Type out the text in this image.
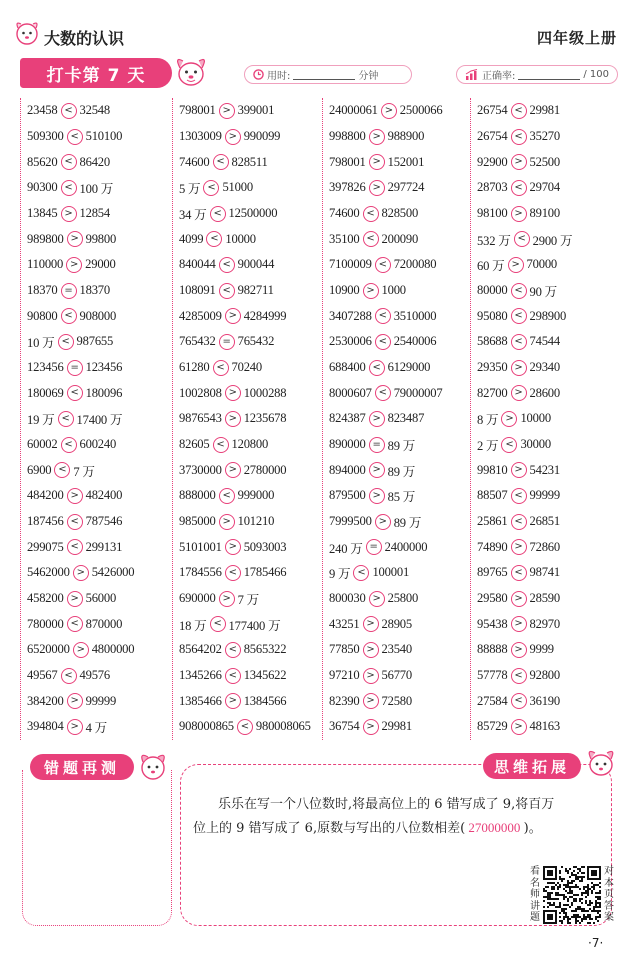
大数的认识	四年级上册
打卡第 7 天	用时:	分钟	正确率:	/ 100
23458 < 32548
509300 < 510100
85620 < 86420
90300 < 100 万
13845 > 12854
989800 > 99800
110000 > 29000
18370 = 18370
90800 < 908000
10 万 < 987655
123456 = 123456
180069 < 180096
19 万 < 17400 万
60002 < 600240
6900 < 7 万
484200 > 482400
187456 < 787546
299075 < 299131
5462000 > 5426000
458200 > 56000
780000 < 870000
6520000 > 4800000
49567 < 49576
384200 > 99999
394804 > 4 万
798001 > 399001
1303009 > 990099
74600 < 828511
5 万 < 51000
34 万 < 12500000
4099 < 10000
840044 < 900044
108091 < 982711
4285009 > 4284999
765432 = 765432
61280 < 70240
1002808 > 1000288
9876543 > 1235678
82605 < 120800
3730000 > 2780000
888000 < 999000
985000 > 101210
5101001 > 5093003
1784556 < 1785466
690000 > 7 万
18 万 < 177400 万
8564202 < 8565322
1345266 < 1345622
1385466 > 1384566
908000865 < 980008065
24000061 > 2500066
998800 > 988900
798001 > 152001
397826 > 297724
74600 < 828500
35100 < 200090
7100009 < 7200080
10900 > 1000
3407288 < 3510000
2530006 < 2540006
688400 < 6129000
8000607 < 79000007
824387 > 823487
890000 = 89 万
894000 > 89 万
879500 > 85 万
7999500 > 89 万
240 万 = 2400000
9 万 < 100001
800030 > 25800
43251 > 28905
77850 > 23540
97210 > 56770
82390 > 72580
36754 > 29981
26754 < 29981
26754 < 35270
92900 > 52500
28703 < 29704
98100 > 89100
532 万 < 2900 万
60 万 > 70000
80000 < 90 万
95080 < 298900
58688 < 74544
29350 > 29340
82700 > 28600
8 万 > 10000
2 万 < 30000
99810 > 54231
88507 < 99999
25861 < 26851
74890 > 72860
89765 < 98741
29580 > 28590
95438 > 82970
88888 > 9999
57778 < 92800
27584 < 36190
85729 > 48163
错题再测	思维拓展
乐乐在写一个八位数时,将最高位上的 6 错写成了 9,将百万
位上的 9 错写成了 6,原数与写出的八位数相差( 27000000 )。
看名师讲题
对本页答案
·7·
